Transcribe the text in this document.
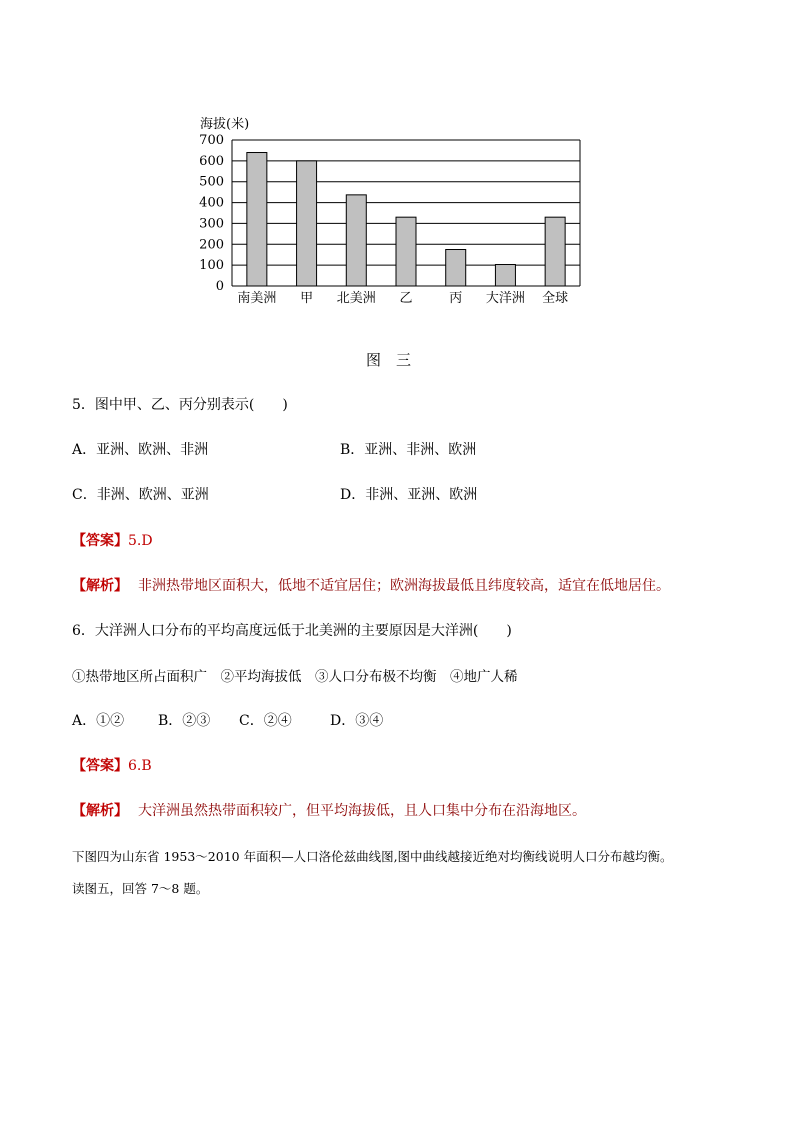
海拔(米)
0
100
200
300
400
500
600
700
南美洲 甲 北美洲 乙	丙 大洋洲 全球
图　三
5．图中甲、乙、丙分别表示(　　)
A．亚洲、欧洲、非洲	B．亚洲、非洲、欧洲
C．非洲、欧洲、亚洲	D．非洲、亚洲、欧洲
【答案】5.D
【解析】 非洲热带地区面积大，低地不适宜居住；欧洲海拔最低且纬度较高，适宜在低地居住。
6．大洋洲人口分布的平均高度远低于北美洲的主要原因是大洋洲(　　)
①热带地区所占面积广　②平均海拔低　③人口分布极不均衡　④地广人稀
A．①② B．②③ C．②④	D．③④
【答案】6.B
【解析】 大洋洲虽然热带面积较广，但平均海拔低，且人口集中分布在沿海地区。
下图四为山东省 1953～2010 年面积—人口洛伦兹曲线图,图中曲线越接近绝对均衡线说明人口分布越均衡。
读图五，回答 7～8 题。
